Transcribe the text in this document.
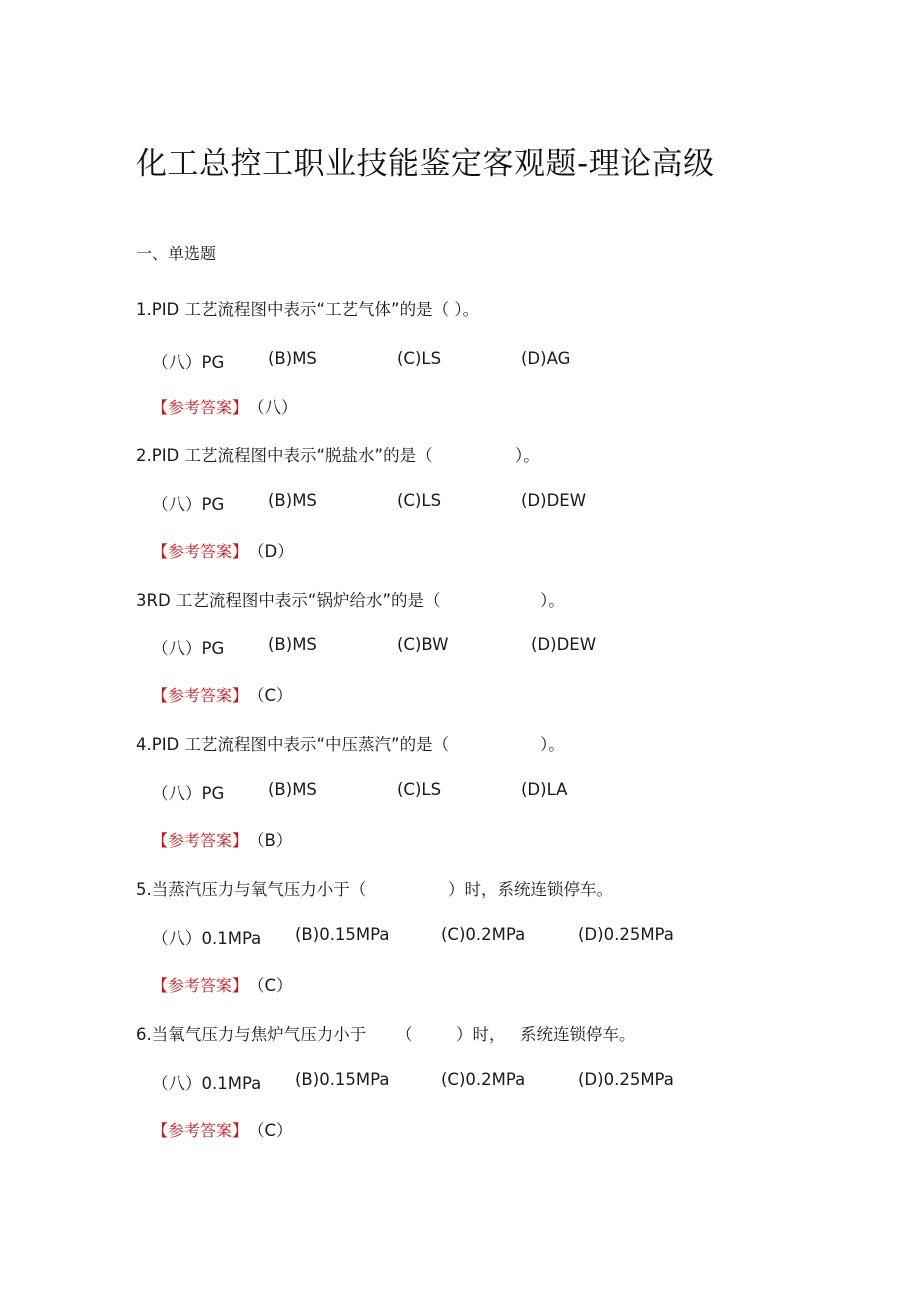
化工总控工职业技能鉴定客观题-理论高级
一、单选题
1.PID 工艺流程图中表示“工艺气体”的是（ ）。
（八）PG	(B)MS	(C)LS	(D)AG
【参考答案】 （八）
2.PID 工艺流程图中表示“脱盐水”的是（	）。
（八）PG	(B)MS	(C)LS	(D)DEW
【参考答案】 （D）
3RD 工艺流程图中表示“锅炉给水”的是（	）。
（八）PG	(B)MS	(C)BW	(D)DEW
【参考答案】 （C）
4.PID 工艺流程图中表示“中压蒸汽”的是（	）。
（八）PG	(B)MS	(C)LS	(D)LA
【参考答案】 （B）
5.当蒸汽压力与氧气压力小于（	）时，系统连锁停车。
（八）0.1MPa (B)0.15MPa	(C)0.2MPa	(D)0.25MPa
【参考答案】 （C）
6.当氧气压力与焦炉气压力小于 （	）时， 系统连锁停车。
（八）0.1MPa (B)0.15MPa	(C)0.2MPa	(D)0.25MPa
【参考答案】 （C）
